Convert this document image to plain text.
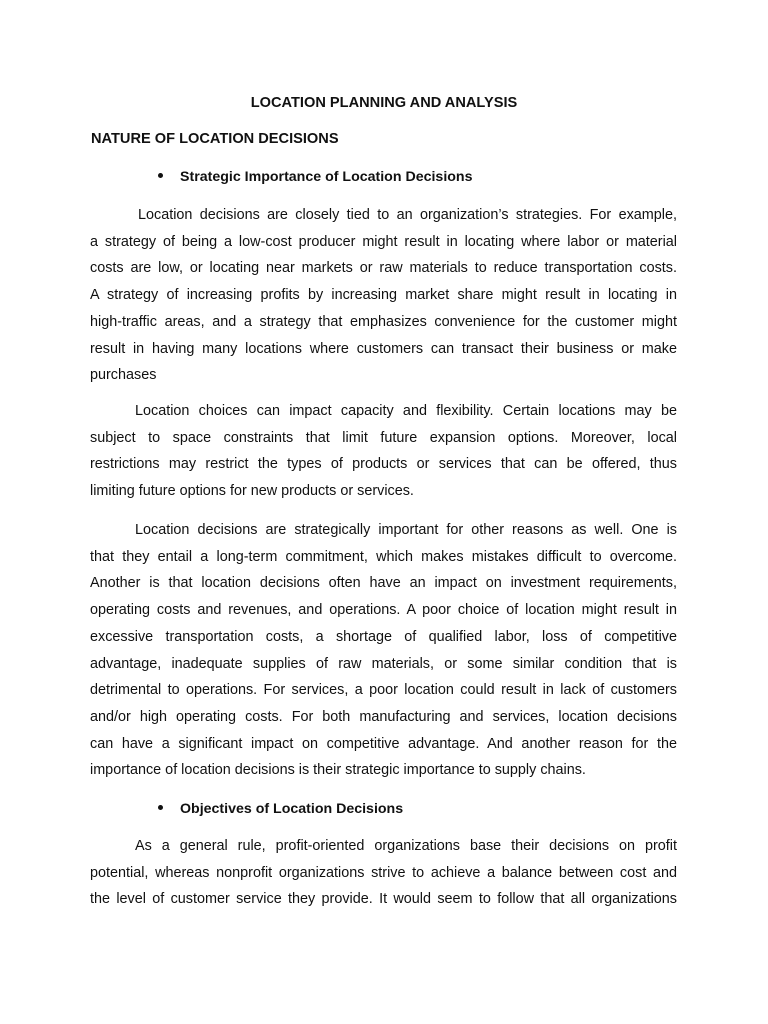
LOCATION PLANNING AND ANALYSIS
NATURE OF LOCATION DECISIONS
Strategic Importance of Location Decisions
Location decisions are closely tied to an organization’s strategies. For example,
a strategy of being a low-cost producer might result in locating where labor or material
costs are low, or locating near markets or raw materials to reduce transportation costs.
A strategy of increasing profits by increasing market share might result in locating in
high-traffic areas, and a strategy that emphasizes convenience for the customer might
result in having many locations where customers can transact their business or make
purchases
Location choices can impact capacity and flexibility. Certain locations may be
subject to space constraints that limit future expansion options. Moreover, local
restrictions may restrict the types of products or services that can be offered, thus
limiting future options for new products or services.
Location decisions are strategically important for other reasons as well. One is
that they entail a long-term commitment, which makes mistakes difficult to overcome.
Another is that location decisions often have an impact on investment requirements,
operating costs and revenues, and operations. A poor choice of location might result in
excessive transportation costs, a shortage of qualified labor, loss of competitive
advantage, inadequate supplies of raw materials, or some similar condition that is
detrimental to operations. For services, a poor location could result in lack of customers
and/or high operating costs. For both manufacturing and services, location decisions
can have a significant impact on competitive advantage. And another reason for the
importance of location decisions is their strategic importance to supply chains.
Objectives of Location Decisions
As a general rule, profit-oriented organizations base their decisions on profit
potential, whereas nonprofit organizations strive to achieve a balance between cost and
the level of customer service they provide. It would seem to follow that all organizations
